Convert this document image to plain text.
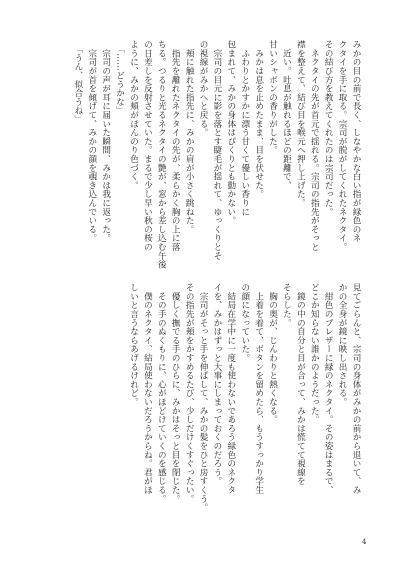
みかの目の前で長く、しなやかな白い指が緑色のネ
クタイを手に取る。宗司が脱がしてくれたネクタイ。
その結び方を教えてくれたのは宗司だった。
　ネクタイの先が首元で揺れる。宗司の指先がそっと
襟を整えて、結び目を喉元へ押し上げた。
　近い。吐息が触れるほどの距離で、
甘いシャボンの香りがした。
　みかは息を止めたまま、目を伏せた。
　ふわりとかすかに漂う甘くて優しい香りに
包まれて、みかの身体はぴくりとも動かない。
　宗司の目元に影を落とす睫毛が揺れて、ゆっくりとそ
の視線がみかへと戻る。
　頬に触れた指先に、みかの肩が小さく跳ねた。
　指先を離れたネクタイの先が、柔らかく胸の上に落
ちる。つるりと光るネクタイの艶が、窓から差し込む午後
の日差しを反射させていた。まるで少し早い秋の桜の
ように、みかの頬がほんのり色づく。
　「……どうかな」
　宗司の声が耳に届いた瞬間、みかは我に返った。
　宗司が首を傾げて、みかの顔を覗き込んでいる。
　「うん、似合うね」
見てごらんと、宗司の身体がみかの前から退いて、み
かの全身が鏡に映し出される。
　紺色のブレザーに緑のネクタイ。その姿はまるで、
どこか知らない誰かのようだった。
　鏡の中の自分と目が合って、みかは慌てて視線を
そらした。
　胸の奥が、じんわりと熱くなる。
　上着を着て、ボタンを留めたら、もうすっかり学生
の顔になっていた。
　結局在学中に一度も使わないであろう緑色のネクタ
イを、みかはずっと大事にしまっておくのだろう。
　宗司がそっと手を伸ばして、みかの髪をひと房すくう。
その指先が頬をかすめるたび、少しだけくすぐったい。
　優しく撫でる手のひらに、みかはそっと目を閉じた。
　その手のぬくもりに、心がほどけていくのを感じる。
　僕のネクタイ、結局使わないだろうからね。君がほ
しいと言うならあげるけれど。
4
